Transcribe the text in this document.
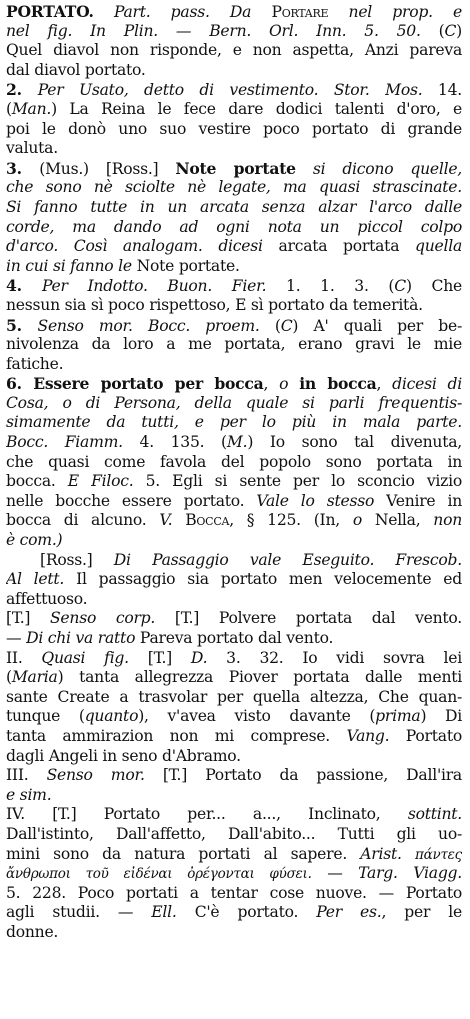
PORTATO. Part. pass. Da Portare nel prop. e
nel fig. In Plin. — Bern. Orl. Inn. 5. 50. (C)
Quel diavol non risponde, e non aspetta, Anzi pareva
dal diavol portato.
2. Per Usato, detto di vestimento. Stor. Mos. 14.
(Man.) La Reina le fece dare dodici talenti d'oro, e
poi le donò uno suo vestire poco portato di grande
valuta.
3. (Mus.) [Ross.] Note portate si dicono quelle,
che sono nè sciolte nè legate, ma quasi strascinate.
Si fanno tutte in un arcata senza alzar l'arco dalle
corde, ma dando ad ogni nota un piccol colpo
d'arco. Così analogam. dicesi arcata portata quella
in cui si fanno le Note portate.
4. Per Indotto. Buon. Fier. 1. 1. 3. (C) Che
nessun sia sì poco rispettoso, E sì portato da temerità.
5. Senso mor. Bocc. proem. (C) A' quali per be-
nivolenza da loro a me portata, erano gravi le mie
fatiche.
6. Essere portato per bocca, o in bocca, dicesi di
Cosa, o di Persona, della quale si parli frequentis-
simamente da tutti, e per lo più in mala parte.
Bocc. Fiamm. 4. 135. (M.) Io sono tal divenuta,
che quasi come favola del popolo sono portata in
bocca. E Filoc. 5. Egli si sente per lo sconcio vizio
nelle bocche essere portato. Vale lo stesso Venire in
bocca di alcuno. V. Bocca, § 125. (In, o Nella, non
è com.)
[Ross.] Di Passaggio vale Eseguito. Frescob.
Al lett. Il passaggio sia portato men velocemente ed
affettuoso.
[T.] Senso corp. [T.] Polvere portata dal vento.
— Di chi va ratto Pareva portato dal vento.
II. Quasi fig. [T.] D. 3. 32. Io vidi sovra lei
(Maria) tanta allegrezza Piover portata dalle menti
sante Create a trasvolar per quella altezza, Che quan-
tunque (quanto), v'avea visto davante (prima) Di
tanta ammirazion non mi comprese. Vang. Portato
dagli Angeli in seno d'Abramo.
III. Senso mor. [T.] Portato da passione, Dall'ira
e sim.
IV. [T.] Portato per... a..., Inclinato, sottint.
Dall'istinto, Dall'affetto, Dall'abito... Tutti gli uo-
mini sono da natura portati al sapere. Arist. πάντες
ἄνθρωποι τοῦ εἰδέναι ὀρέγονται φύσει. — Targ. Viagg.
5. 228. Poco portati a tentar cose nuove. — Portato
agli studii. — Ell. C'è portato. Per es., per le
donne.
